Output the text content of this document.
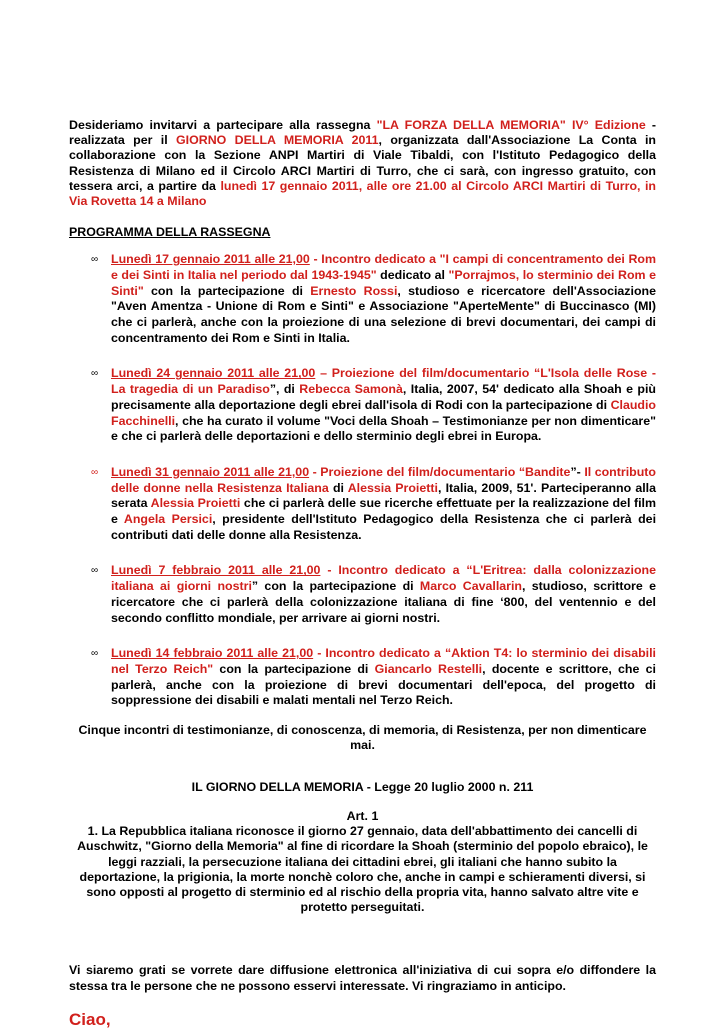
Desideriamo invitarvi a partecipare alla rassegna "LA FORZA DELLA MEMORIA" IV° Edizione - realizzata per il GIORNO DELLA MEMORIA 2011, organizzata dall'Associazione La Conta in collaborazione con la Sezione ANPI Martiri di Viale Tibaldi, con l'Istituto Pedagogico della Resistenza di Milano ed il Circolo ARCI Martiri di Turro, che ci sarà, con ingresso gratuito, con tessera arci, a partire da lunedì 17 gennaio 2011, alle ore 21.00 al Circolo ARCI Martiri di Turro, in Via Rovetta 14 a Milano

PROGRAMMA DELLA RASSEGNA

∞ Lunedì 17 gennaio 2011 alle 21,00 - Incontro dedicato a "I campi di concentramento dei Rom e dei Sinti in Italia nel periodo dal 1943-1945" dedicato al "Porrajmos, lo sterminio dei Rom e Sinti" con la partecipazione di Ernesto Rossi, studioso e ricercatore dell'Associazione "Aven Amentza - Unione di Rom e Sinti" e Associazione "AperteMente" di Buccinasco (MI) che ci parlerà, anche con la proiezione di una selezione di brevi documentari, dei campi di concentramento dei Rom e Sinti in Italia.

∞ Lunedì 24 gennaio 2011 alle 21,00 – Proiezione del film/documentario “L'Isola delle Rose - La tragedia di un Paradiso”, di Rebecca Samonà, Italia, 2007, 54' dedicato alla Shoah e più precisamente alla deportazione degli ebrei dall'isola di Rodi con la partecipazione di Claudio Facchinelli, che ha curato il volume "Voci della Shoah – Testimonianze per non dimenticare" e che ci parlerà delle deportazioni e dello sterminio degli ebrei in Europa.

∞ Lunedì 31 gennaio 2011 alle 21,00 - Proiezione del film/documentario “Bandite”- Il contributo delle donne nella Resistenza Italiana di Alessia Proietti, Italia, 2009, 51'. Parteciperanno alla serata Alessia Proietti che ci parlerà delle sue ricerche effettuate per la realizzazione del film e Angela Persici, presidente dell'Istituto Pedagogico della Resistenza che ci parlerà dei contributi dati delle donne alla Resistenza.

∞ Lunedì 7 febbraio 2011 alle 21,00 - Incontro dedicato a “L'Eritrea: dalla colonizzazione italiana ai giorni nostri” con la partecipazione di Marco Cavallarin, studioso, scrittore e ricercatore che ci parlerà della colonizzazione italiana di fine ‘800, del ventennio e del secondo conflitto mondiale, per arrivare ai giorni nostri.

∞ Lunedì 14 febbraio 2011 alle 21,00 - Incontro dedicato a “Aktion T4: lo sterminio dei disabili nel Terzo Reich" con la partecipazione di Giancarlo Restelli, docente e scrittore, che ci parlerà, anche con la proiezione di brevi documentari dell'epoca, del progetto di soppressione dei disabili e malati mentali nel Terzo Reich.

Cinque incontri di testimonianze, di conoscenza, di memoria, di Resistenza, per non dimenticare mai.

IL GIORNO DELLA MEMORIA - Legge 20 luglio 2000 n. 211

Art. 1

1. La Repubblica italiana riconosce il giorno 27 gennaio, data dell'abbattimento dei cancelli di Auschwitz, "Giorno della Memoria" al fine di ricordare la Shoah (sterminio del popolo ebraico), le leggi razziali, la persecuzione italiana dei cittadini ebrei, gli italiani che hanno subito la deportazione, la prigionia, la morte nonchè coloro che, anche in campi e schieramenti diversi, si sono opposti al progetto di sterminio ed al rischio della propria vita, hanno salvato altre vite e protetto perseguitati.

Vi siaremo grati se vorrete dare diffusione elettronica all'iniziativa di cui sopra e/o diffondere la stessa tra le persone che ne possono esservi interessate. Vi ringraziamo in anticipo.

Ciao,
